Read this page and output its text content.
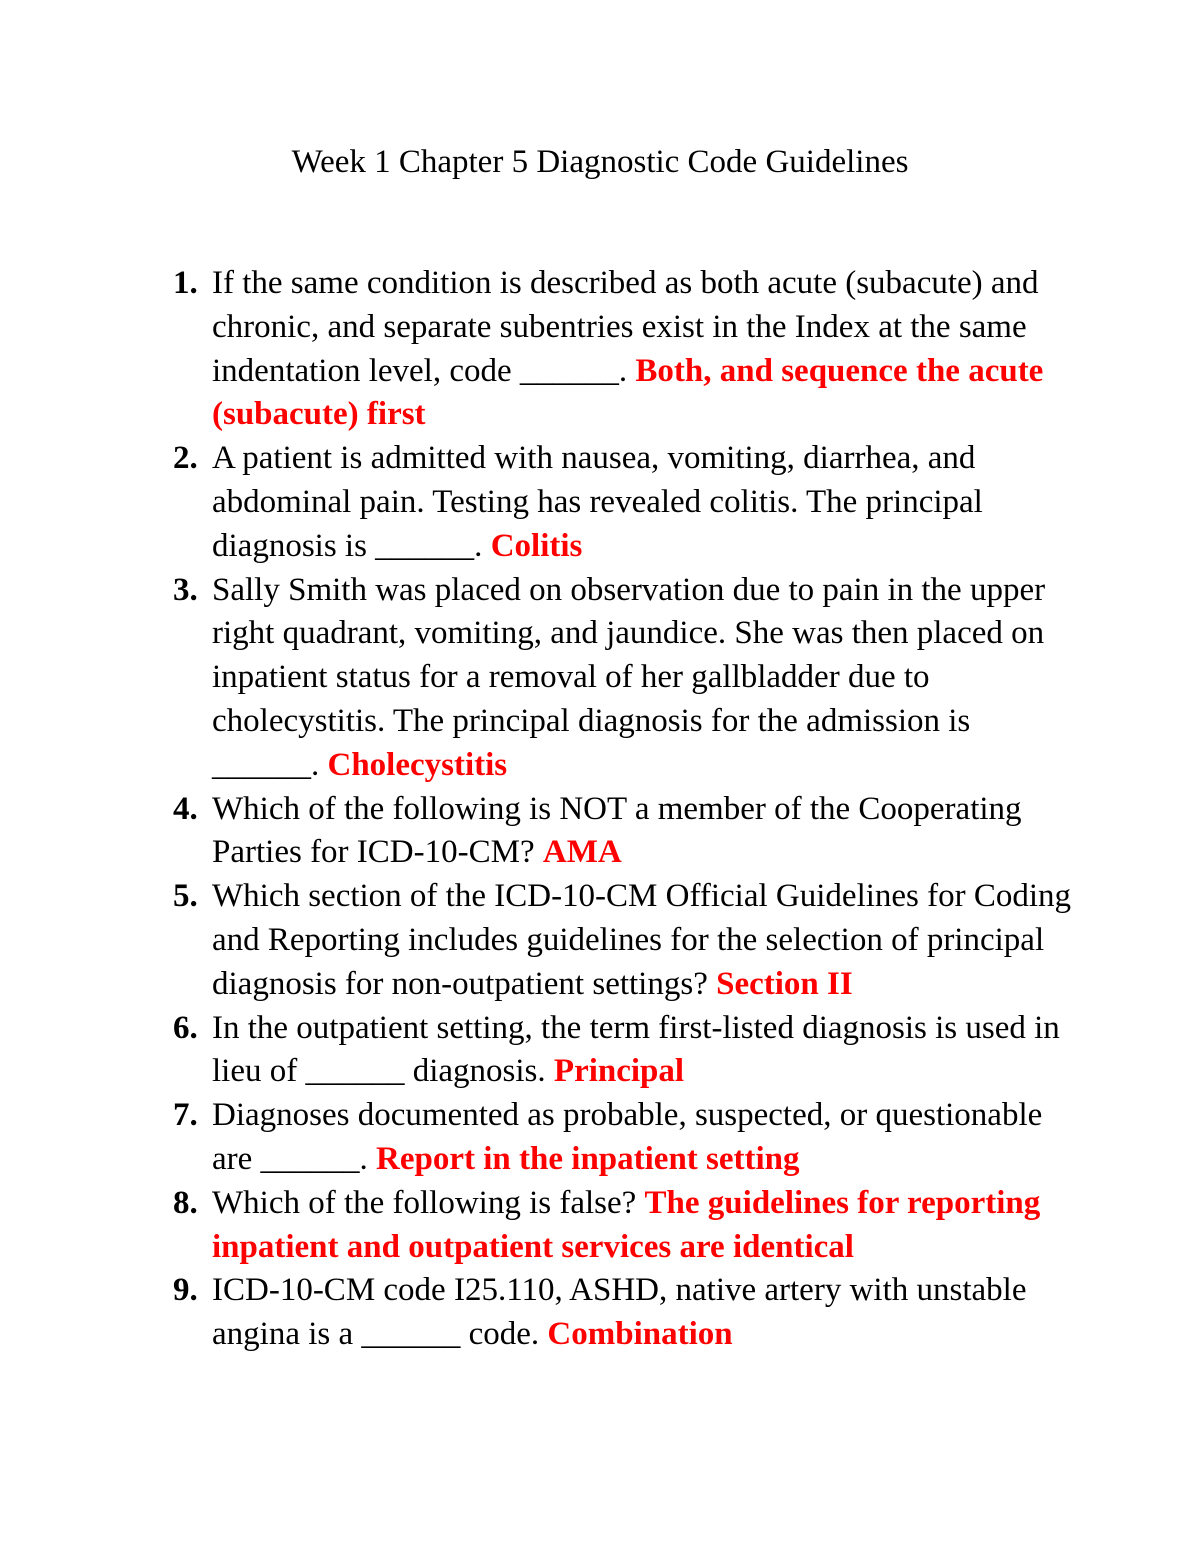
Week 1 Chapter 5 Diagnostic Code Guidelines
1. If the same condition is described as both acute (subacute) and chronic, and separate subentries exist in the Index at the same indentation level, code ______. Both, and sequence the acute (subacute) first
2. A patient is admitted with nausea, vomiting, diarrhea, and abdominal pain. Testing has revealed colitis. The principal diagnosis is ______. Colitis
3. Sally Smith was placed on observation due to pain in the upper right quadrant, vomiting, and jaundice. She was then placed on inpatient status for a removal of her gallbladder due to cholecystitis. The principal diagnosis for the admission is ______. Cholecystitis
4. Which of the following is NOT a member of the Cooperating Parties for ICD-10-CM? AMA
5. Which section of the ICD-10-CM Official Guidelines for Coding and Reporting includes guidelines for the selection of principal diagnosis for non-outpatient settings? Section II
6. In the outpatient setting, the term first-listed diagnosis is used in lieu of ______ diagnosis. Principal
7. Diagnoses documented as probable, suspected, or questionable are ______. Report in the inpatient setting
8. Which of the following is false? The guidelines for reporting inpatient and outpatient services are identical
9. ICD-10-CM code I25.110, ASHD, native artery with unstable angina is a ______ code. Combination
